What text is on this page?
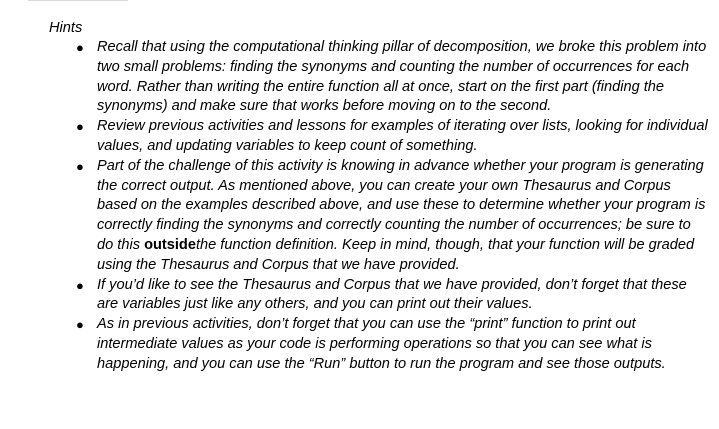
Hints
● Recall that using the computational thinking pillar of decomposition, we broke this problem into two small problems: finding the synonyms and counting the number of occurrences for each word. Rather than writing the entire function all at once, start on the first part (finding the synonyms) and make sure that works before moving on to the second.
● Review previous activities and lessons for examples of iterating over lists, looking for individual values, and updating variables to keep count of something.
● Part of the challenge of this activity is knowing in advance whether your program is generating the correct output. As mentioned above, you can create your own Thesaurus and Corpus based on the examples described above, and use these to determine whether your program is correctly finding the synonyms and correctly counting the number of occurrences; be sure to do this outsidethe function definition. Keep in mind, though, that your function will be graded using the Thesaurus and Corpus that we have provided.
● If you’d like to see the Thesaurus and Corpus that we have provided, don’t forget that these are variables just like any others, and you can print out their values.
● As in previous activities, don’t forget that you can use the “print” function to print out intermediate values as your code is performing operations so that you can see what is happening, and you can use the “Run” button to run the program and see those outputs.
